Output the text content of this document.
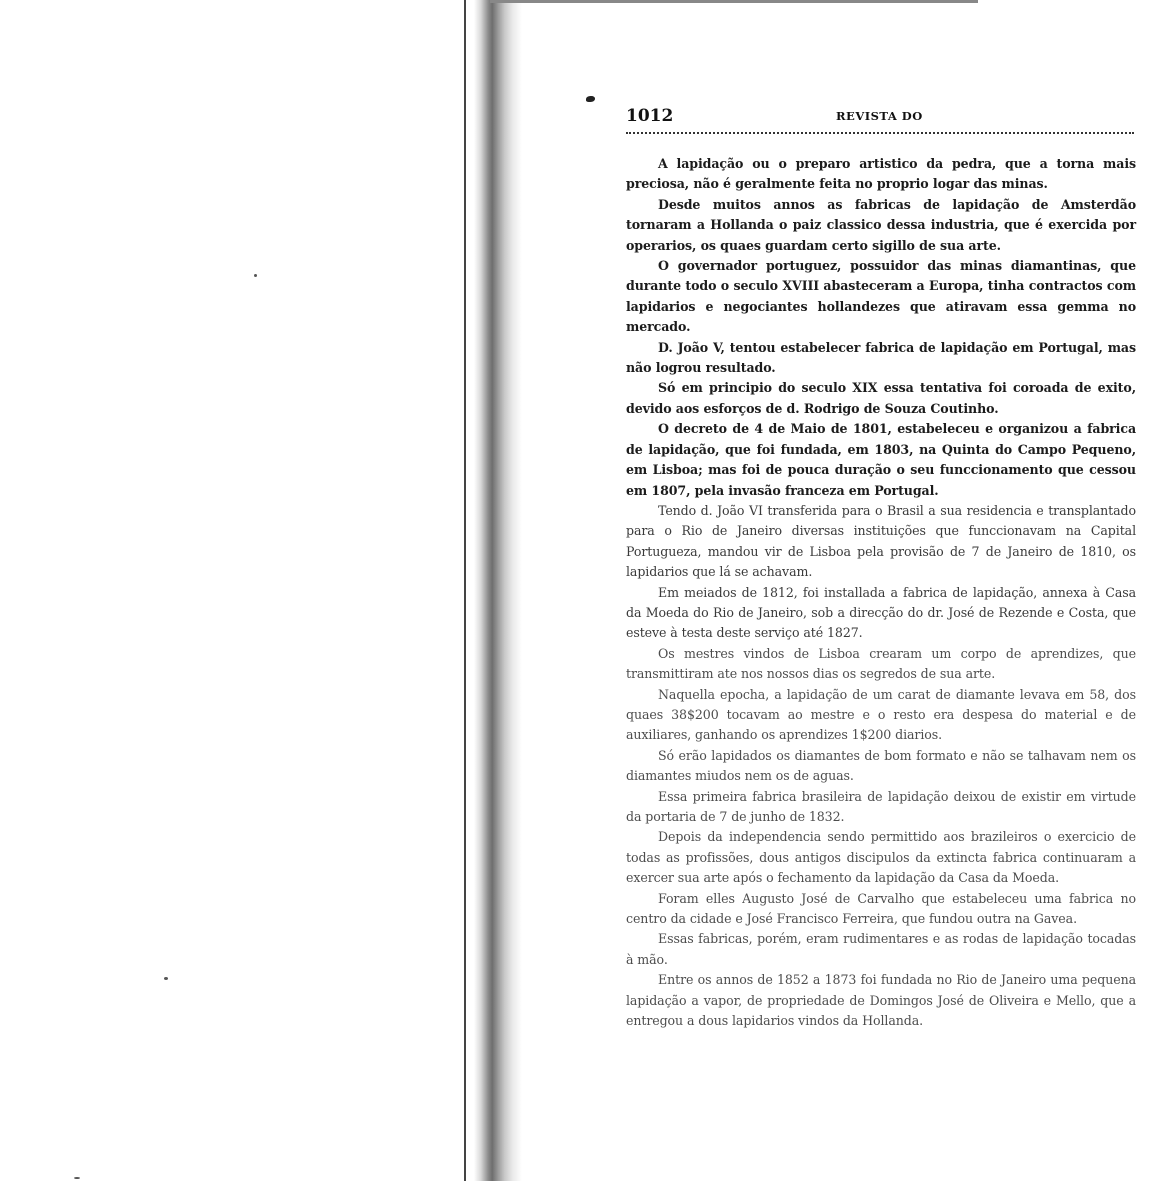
1012	REVISTA DO

A lapidação ou o preparo artistico da pedra, que a torna mais preciosa, não é geralmente feita no proprio logar das minas.

Desde muitos annos as fabricas de lapidação de Amsterdão tornaram a Hollanda o paiz classico dessa industria, que é exercida por operarios, os quaes guardam certo sigillo de sua arte.

O governador portuguez, possuidor das minas diamantinas, que durante todo o seculo XVIII abasteceram a Europa, tinha contractos com lapidarios e negociantes hollandezes que atiravam essa gemma no mercado.

D. João V, tentou estabelecer fabrica de lapidação em Portugal, mas não logrou resultado.

Só em principio do seculo XIX essa tentativa foi coroada de exito, devido aos esforços de d. Rodrigo de Souza Coutinho.

O decreto de 4 de Maio de 1801, estabeleceu e organizou a fabrica de lapidação, que foi fundada, em 1803, na Quinta do Campo Pequeno, em Lisboa; mas foi de pouca duração o seu funccionamento que cessou em 1807, pela invasão franceza em Portugal.

Tendo d. João VI transferida para o Brasil a sua residencia e transplantado para o Rio de Janeiro diversas instituições que funccionavam na Capital Portugueza, mandou vir de Lisboa pela provisão de 7 de Janeiro de 1810, os lapidarios que lá se achavam.

Em meiados de 1812, foi installada a fabrica de lapidação, annexa à Casa da Moeda do Rio de Janeiro, sob a direcção do dr. José de Rezende e Costa, que esteve à testa deste serviço até 1827.

Os mestres vindos de Lisboa crearam um corpo de aprendizes, que transmittiram ate nos nossos dias os segredos de sua arte.

Naquella epocha, a lapidação de um carat de diamante levava em 58, dos quaes 38$200 tocavam ao mestre e o resto era despesa do material e de auxiliares, ganhando os aprendizes 1$200 diarios.

Só erão lapidados os diamantes de bom formato e não se talhavam nem os diamantes miudos nem os de aguas.

Essa primeira fabrica brasileira de lapidação deixou de existir em virtude da portaria de 7 de junho de 1832.

Depois da independencia sendo permittido aos brazileiros o exercicio de todas as profissões, dous antigos discipulos da extincta fabrica continuaram a exercer sua arte após o fechamento da lapidação da Casa da Moeda.

Foram elles Augusto José de Carvalho que estabeleceu uma fabrica no centro da cidade e José Francisco Ferreira, que fundou outra na Gavea.

Essas fabricas, porém, eram rudimentares e as rodas de lapidação tocadas à mão.

Entre os annos de 1852 a 1873 foi fundada no Rio de Janeiro uma pequena lapidação a vapor, de propriedade de Domingos José de Oliveira e Mello, que a entregou a dous lapidarios vindos da Hollanda.
